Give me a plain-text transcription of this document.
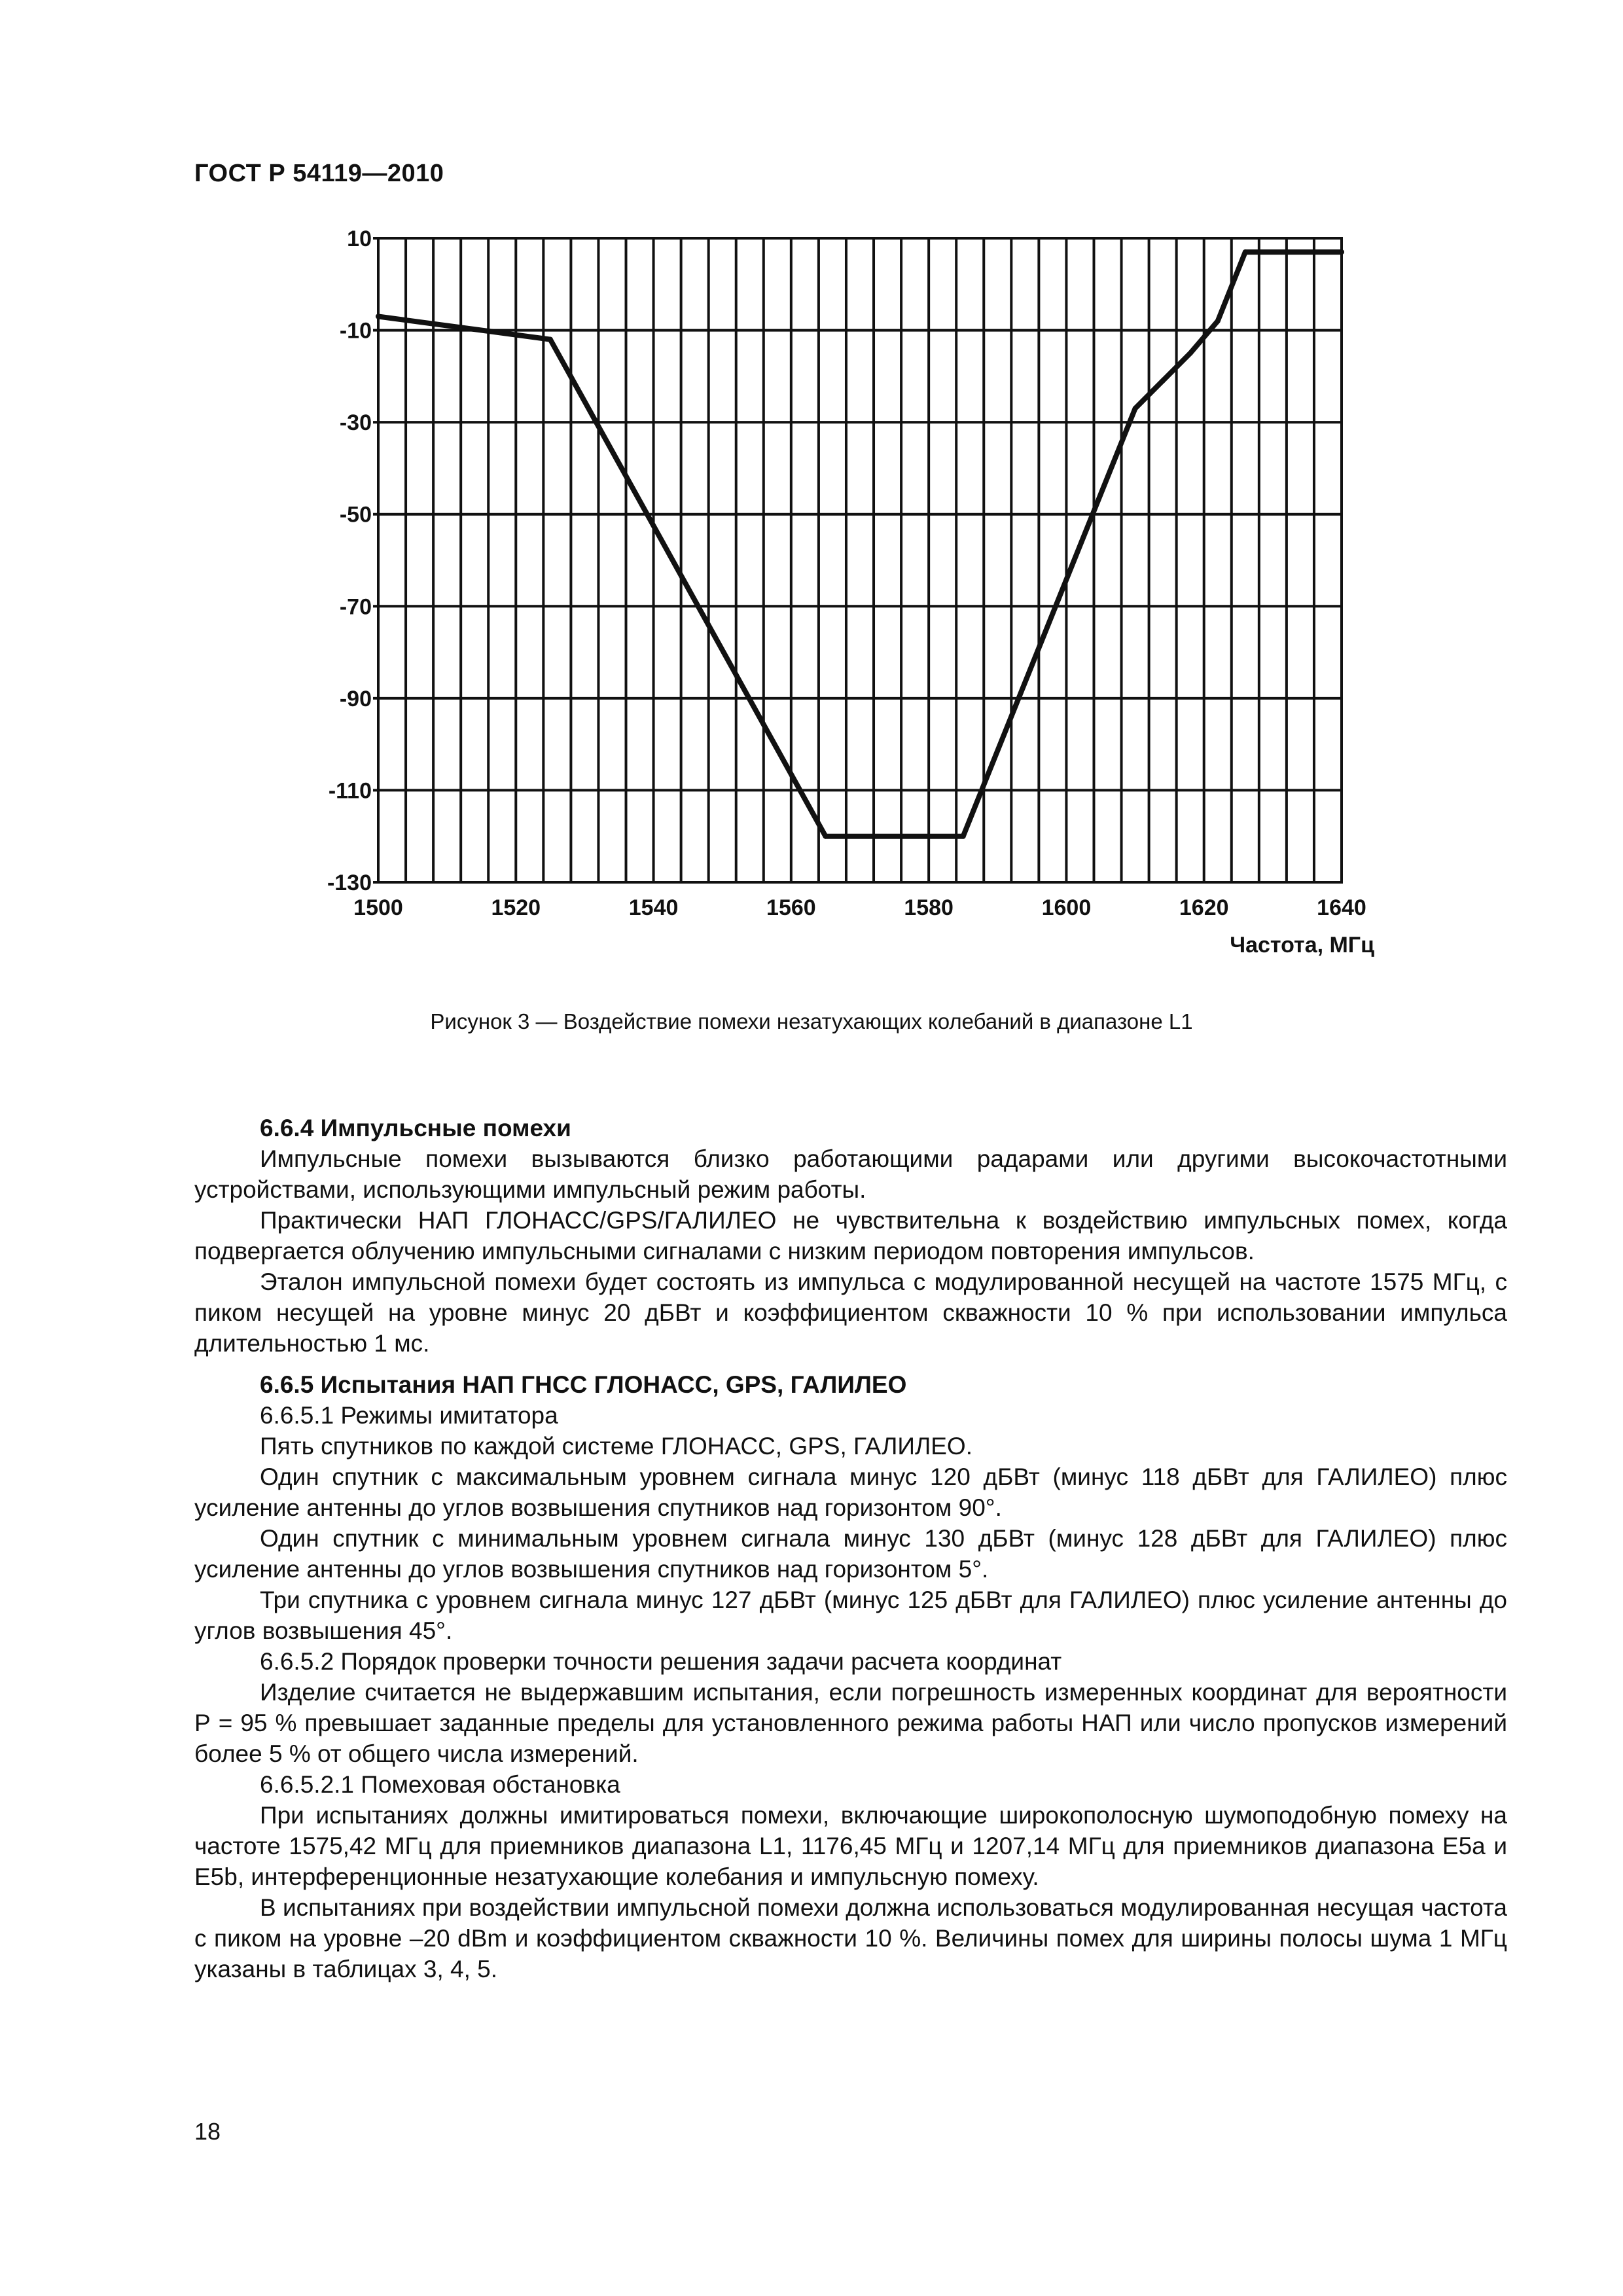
ГОСТ Р 54119—2010
10
-10
-30
-50
-70
-90
-110
-130
1500	1520	1540	1560	1580	1600	1620	1640
Частота, МГц
Рисунок 3 — Воздействие помехи незатухающих колебаний в диапазоне L1

6.6.4 Импульсные помехи

Импульсные помехи вызываются близко работающими радарами или другими высокочастотными устройствами, использующими импульсный режим работы.

Практически НАП ГЛОНАСС/GPS/ГАЛИЛЕО не чувствительна к воздействию импульсных помех, когда подвергается облучению импульсными сигналами с низким периодом повторения импульсов.

Эталон импульсной помехи будет состоять из импульса с модулированной несущей на частоте 1575 МГц, с пиком несущей на уровне минус 20 дБВт и коэффициентом скважности 10 % при использовании импульса длительностью 1 мс.

6.6.5 Испытания НАП ГНСС ГЛОНАСС, GPS, ГАЛИЛЕО

6.6.5.1 Режимы имитатора

Пять спутников по каждой системе ГЛОНАСС, GPS, ГАЛИЛЕО.

Один спутник с максимальным уровнем сигнала минус 120 дБВт (минус 118 дБВт для ГАЛИЛЕО) плюс усиление антенны до углов возвышения спутников над горизонтом 90°.

Один спутник с минимальным уровнем сигнала минус 130 дБВт (минус 128 дБВт для ГАЛИЛЕО) плюс усиление антенны до углов возвышения спутников над горизонтом 5°.

Три спутника с уровнем сигнала минус 127 дБВт (минус 125 дБВт для ГАЛИЛЕО) плюс усиление антенны до углов возвышения 45°.

6.6.5.2 Порядок проверки точности решения задачи расчета координат

Изделие считается не выдержавшим испытания, если погрешность измеренных координат для вероятности Р = 95 % превышает заданные пределы для установленного режима работы НАП или число пропусков измерений более 5 % от общего числа измерений.

6.6.5.2.1 Помеховая обстановка

При испытаниях должны имитироваться помехи, включающие широкополосную шумоподобную помеху на частоте 1575,42 МГц для приемников диапазона L1, 1176,45 МГц и 1207,14 МГц для приемников диапазона E5a и E5b, интерференционные незатухающие колебания и импульсную помеху.

В испытаниях при воздействии импульсной помехи должна использоваться модулированная несущая частота с пиком на уровне –20 dBm и коэффициентом скважности 10 %. Величины помех для ширины полосы шума 1 МГц указаны в таблицах 3, 4, 5.

18
